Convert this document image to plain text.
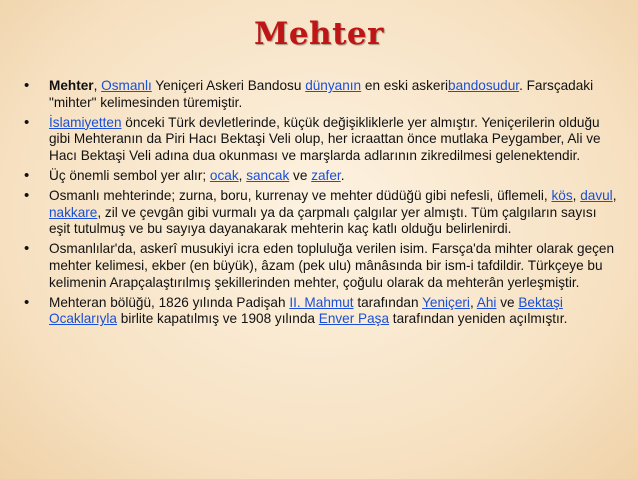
Mehter
• Mehter, Osmanlı Yeniçeri Askeri Bandosu dünyanın en eski askeribandosudur. Farsçadaki "mihter" kelimesinden türemiştir.
• İslamiyetten önceki Türk devletlerinde, küçük değişikliklerle yer almıştır. Yeniçerilerin olduğu gibi Mehteranın da Piri Hacı Bektaşi Veli olup, her icraattan önce mutlaka Peygamber, Ali ve Hacı Bektaşi Veli adına dua okunması ve marşlarda adlarının zikredilmesi gelenektendir.
• Üç önemli sembol yer alır; ocak, sancak ve zafer.
• Osmanlı mehterinde; zurna, boru, kurrenay ve mehter düdüğü gibi nefesli, üflemeli, kös, davul, nakkare, zil ve çevgân gibi vurmalı ya da çarpmalı çalgılar yer almıştı. Tüm çalgıların sayısı eşit tutulmuş ve bu sayıya dayanakarak mehterin kaç katlı olduğu belirlenirdi.
• Osmanlılar'da, askerî musukiyi icra eden topluluğa verilen isim. Farsça'da mihter olarak geçen mehter kelimesi, ekber (en büyük), âzam (pek ulu) mânâsında bir ism-i tafdildir. Türkçeye bu kelimenin Arapçalaştırılmış şekillerinden mehter, çoğulu olarak da mehterân yerleşmiştir.
• Mehteran bölüğü, 1826 yılında Padişah II. Mahmut tarafından Yeniçeri, Ahi ve Bektaşi Ocaklarıyla birlite kapatılmış ve 1908 yılında Enver Paşa tarafından yeniden açılmıştır.
